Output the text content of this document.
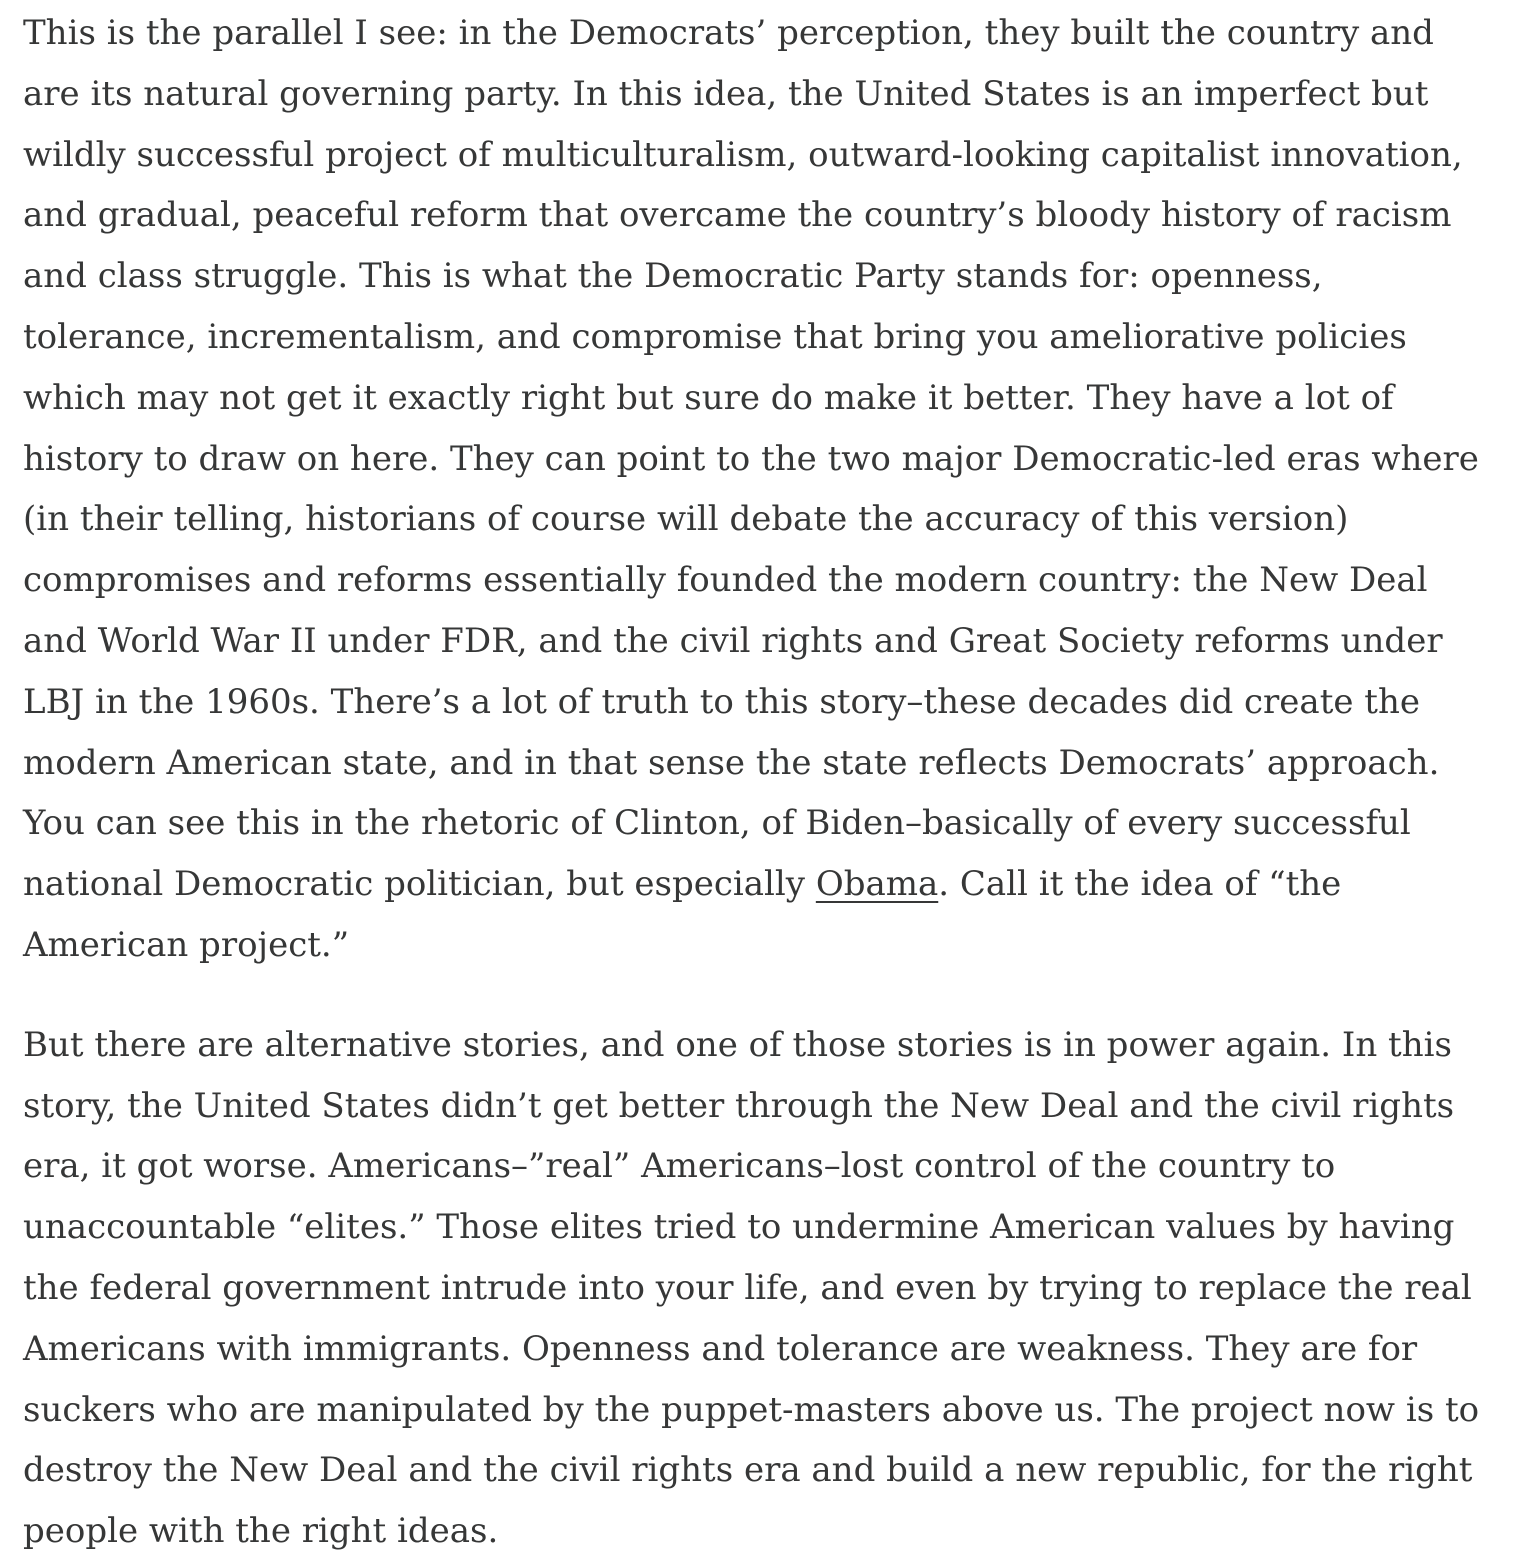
This is the parallel I see: in the Democrats’ perception, they built the country and are its natural governing party. In this idea, the United States is an imperfect but wildly successful project of multiculturalism, outward-looking capitalist innovation, and gradual, peaceful reform that overcame the country’s bloody history of racism and class struggle. This is what the Democratic Party stands for: openness, tolerance, incrementalism, and compromise that bring you ameliorative policies which may not get it exactly right but sure do make it better. They have a lot of history to draw on here. They can point to the two major Democratic-led eras where (in their telling, historians of course will debate the accuracy of this version) compromises and reforms essentially founded the modern country: the New Deal and World War II under FDR, and the civil rights and Great Society reforms under LBJ in the 1960s. There’s a lot of truth to this story–these decades did create the modern American state, and in that sense the state reflects Democrats’ approach. You can see this in the rhetoric of Clinton, of Biden–basically of every successful national Democratic politician, but especially Obama. Call it the idea of “the American project.”

But there are alternative stories, and one of those stories is in power again. In this story, the United States didn’t get better through the New Deal and the civil rights era, it got worse. Americans–”real” Americans–lost control of the country to unaccountable “elites.” Those elites tried to undermine American values by having the federal government intrude into your life, and even by trying to replace the real Americans with immigrants. Openness and tolerance are weakness. They are for suckers who are manipulated by the puppet-masters above us. The project now is to destroy the New Deal and the civil rights era and build a new republic, for the right people with the right ideas.
